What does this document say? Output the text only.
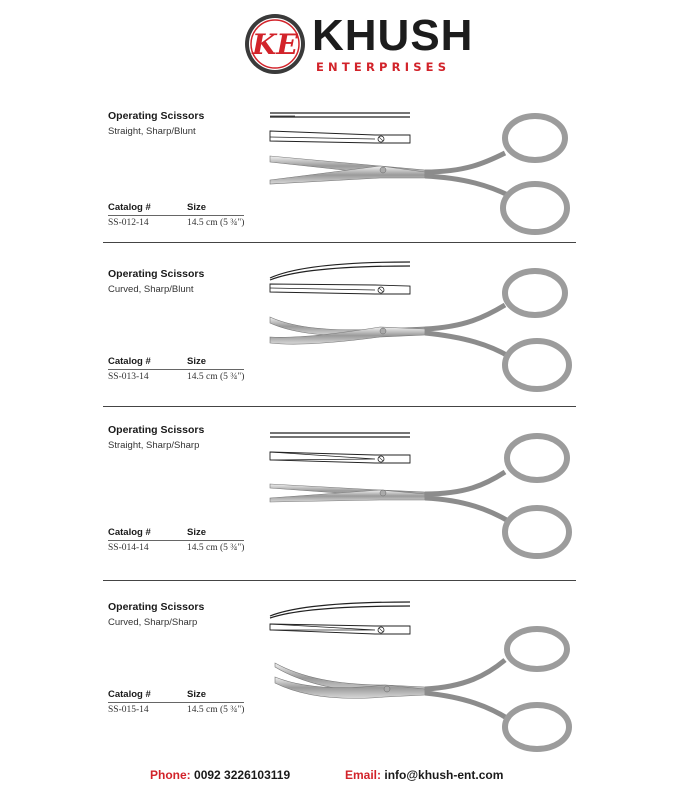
KE KHUSH
ENTERPRISES
Operating Scissors
Straight, Sharp/Blunt
Catalog #	Size
SS-012-14	14.5 cm (5 ¾")
Operating Scissors
Curved, Sharp/Blunt
Catalog #	Size
SS-013-14	14.5 cm (5 ¾")
Operating Scissors
Straight, Sharp/Sharp
Catalog #	Size
SS-014-14	14.5 cm (5 ¾")
Operating Scissors
Curved, Sharp/Sharp
Catalog #	Size
SS-015-14	14.5 cm (5 ¾")
Phone: 0092 3226103119	Email: info@khush-ent.com
